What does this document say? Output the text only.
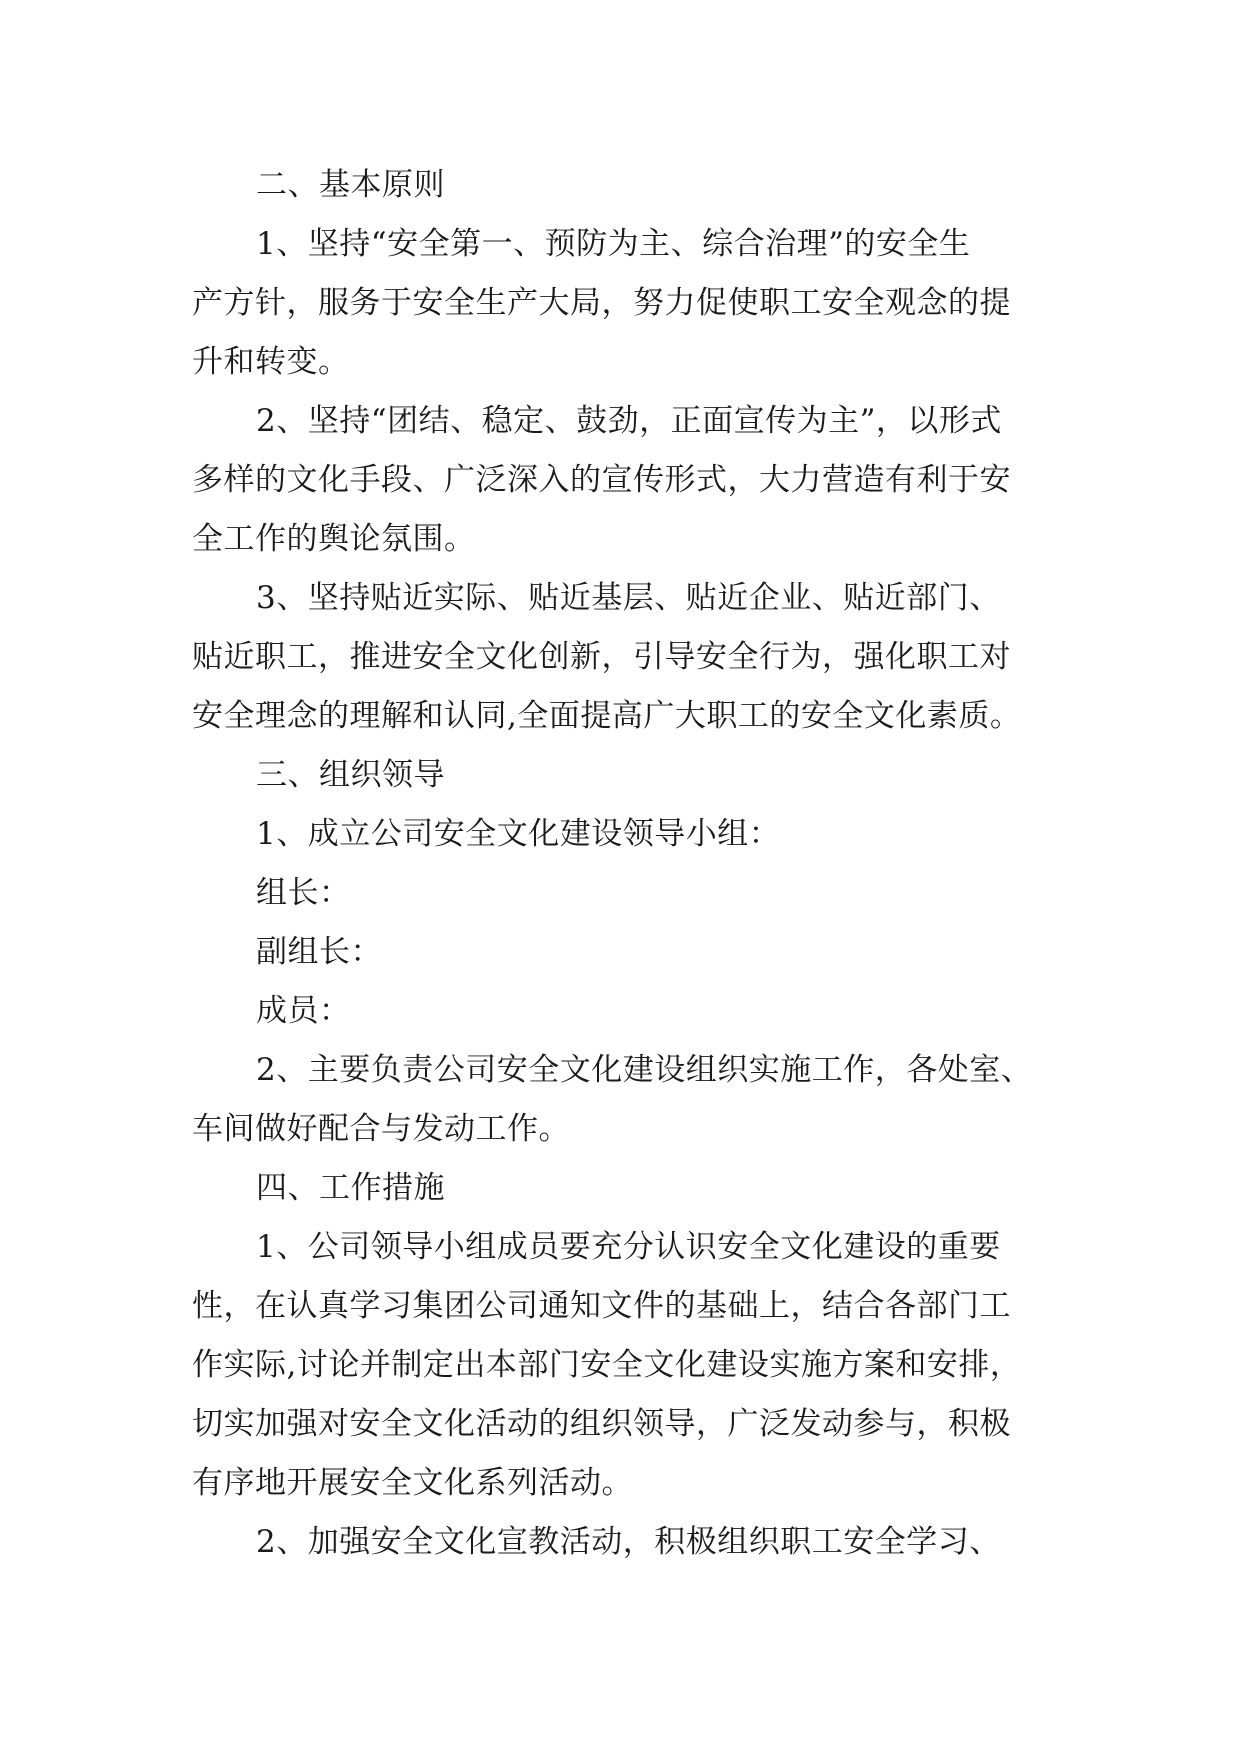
二、基本原则
1、坚持“安全第一、预防为主、综合治理”的安全生
产方针，服务于安全生产大局，努力促使职工安全观念的提
升和转变。
2、坚持“团结、稳定、鼓劲，正面宣传为主”，以形式
多样的文化手段、广泛深入的宣传形式，大力营造有利于安
全工作的舆论氛围。
3、坚持贴近实际、贴近基层、贴近企业、贴近部门、
贴近职工，推进安全文化创新，引导安全行为，强化职工对
安全理念的理解和认同,全面提高广大职工的安全文化素质。
三、组织领导
1、成立公司安全文化建设领导小组：
组长：
副组长：
成员：
2、主要负责公司安全文化建设组织实施工作，各处室、
车间做好配合与发动工作。
四、工作措施
1、公司领导小组成员要充分认识安全文化建设的重要
性，在认真学习集团公司通知文件的基础上，结合各部门工
作实际,讨论并制定出本部门安全文化建设实施方案和安排，
切实加强对安全文化活动的组织领导，广泛发动参与，积极
有序地开展安全文化系列活动。
2、加强安全文化宣教活动，积极组织职工安全学习、
